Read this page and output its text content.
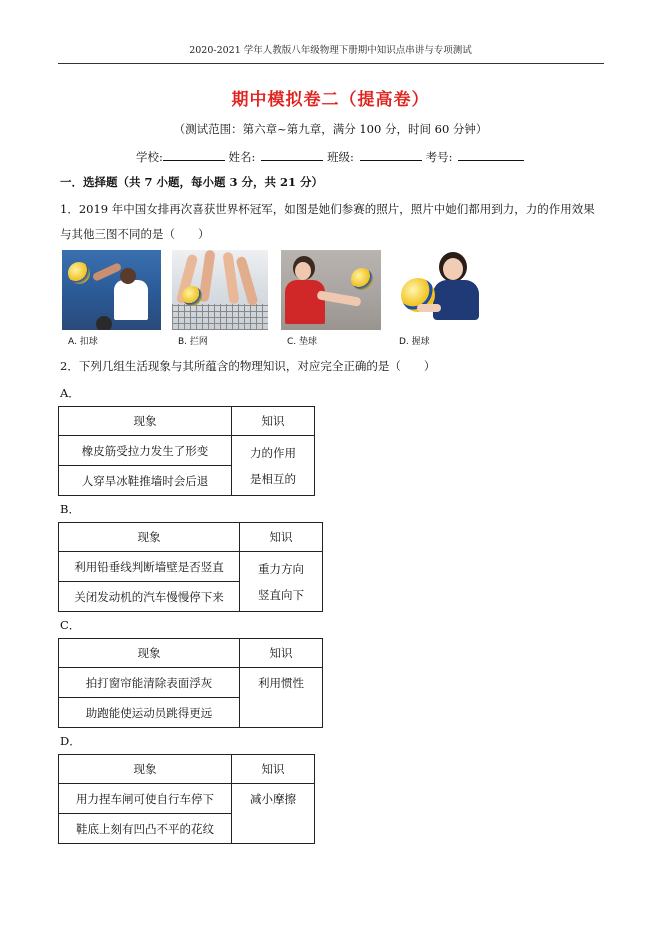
2020-2021 学年人教版八年级物理下册期中知识点串讲与专项测试
期中模拟卷二（提高卷）
（测试范围：第六章~第九章，满分 100 分，时间 60 分钟）
学校:	姓名:	班级:	考号:
一．选择题（共 7 小题，每小题 3 分，共 21 分）
1．2019 年中国女排再次喜获世界杯冠军，如图是她们参赛的照片，照片中她们都用到力，力的作用效果
与其他三图不同的是（　　）
A. 扣球	B. 拦网	C. 垫球	D. 握球
2．下列几组生活现象与其所蕴含的物理知识，对应完全正确的是（　　）
A．
现象	知识
橡皮筋受拉力发生了形变	力的作用
是相互的
人穿旱冰鞋推墙时会后退	
B．
现象	知识
利用铅垂线判断墙壁是否竖直	重力方向
竖直向下
关闭发动机的汽车慢慢停下来	
C．
现象	知识
拍打窗帘能清除表面浮灰	利用惯性
助跑能使运动员跳得更远	
D．
现象	知识
用力捏车闸可使自行车停下	减小摩擦
鞋底上刻有凹凸不平的花纹	
